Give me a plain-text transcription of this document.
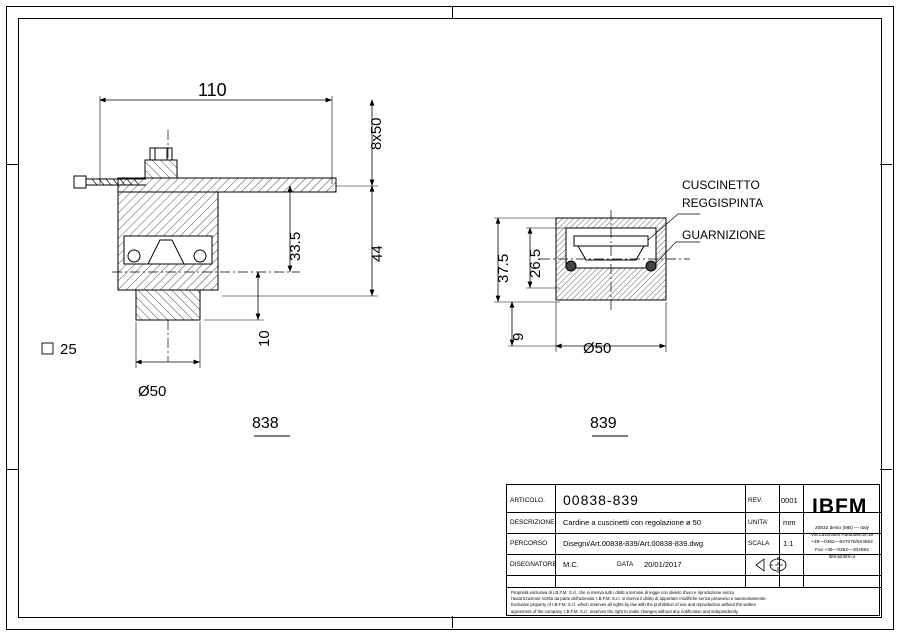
110
8x50
44
33.5
10
25
Ø50
838
37.5 26.5
9
Ø50
839
CUSCINETTO
REGGISPINTA
GUARNIZIONE
ARTICOLO.	00838-839	REV.	0001
DESCRIZIONE Cardine a cuscinetti con regolazione ø 50	UNITA'	mm
PERCORSO	Disegni/Art.00838-839/Art.00838-839.dwg	SCALA	1:1
DISEGNATORE M.C.	DATA	20/01/2017
IBFM
20832 desio (MB) — Italy
Via Lavoratori Autobianchi,18
+39—0362—627078/624502
Fax +39—0362—302692
ibfm@ibfm.it
Proprietà esclusiva di I.B.F.M. S.r.l. che si riserva tutti i diritti a termine di legge con divieto d'uso e riproduzione senza
l'autorizzazione scritta da parte dell'azienda. I.B.F.M. S.r.l. si riserva il diritto di apportare modifiche senza preavviso e autonomamente.
Exclusive property of I.B.F.M. S.r.l. which reserves all rights by law with the prohibition of use and reproduction without the written
agreement of the company. I.B.F.M. S.r.l. reserves the right to make changes without any notification and independently.
